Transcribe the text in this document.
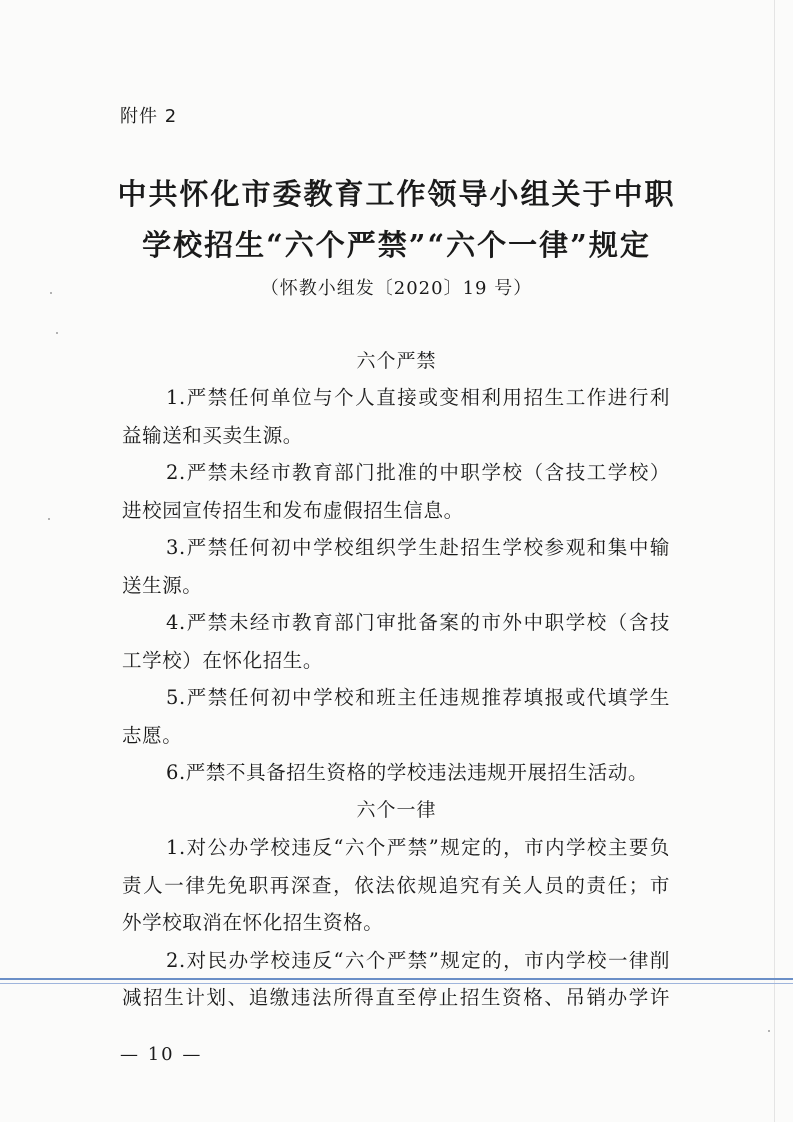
附件 2
中共怀化市委教育工作领导小组关于中职
学校招生“六个严禁”“六个一律”规定
（怀教小组发〔2020〕19 号）
六个严禁
1.严禁任何单位与个人直接或变相利用招生工作进行利
益输送和买卖生源。
2.严禁未经市教育部门批准的中职学校（含技工学校）
进校园宣传招生和发布虚假招生信息。
3.严禁任何初中学校组织学生赴招生学校参观和集中输
送生源。
4.严禁未经市教育部门审批备案的市外中职学校（含技
工学校）在怀化招生。
5.严禁任何初中学校和班主任违规推荐填报或代填学生
志愿。
6.严禁不具备招生资格的学校违法违规开展招生活动。
六个一律
1.对公办学校违反“六个严禁”规定的，市内学校主要负
责人一律先免职再深查，依法依规追究有关人员的责任；市
外学校取消在怀化招生资格。
2.对民办学校违反“六个严禁”规定的，市内学校一律削
减招生计划、追缴违法所得直至停止招生资格、吊销办学许
— 10 —
